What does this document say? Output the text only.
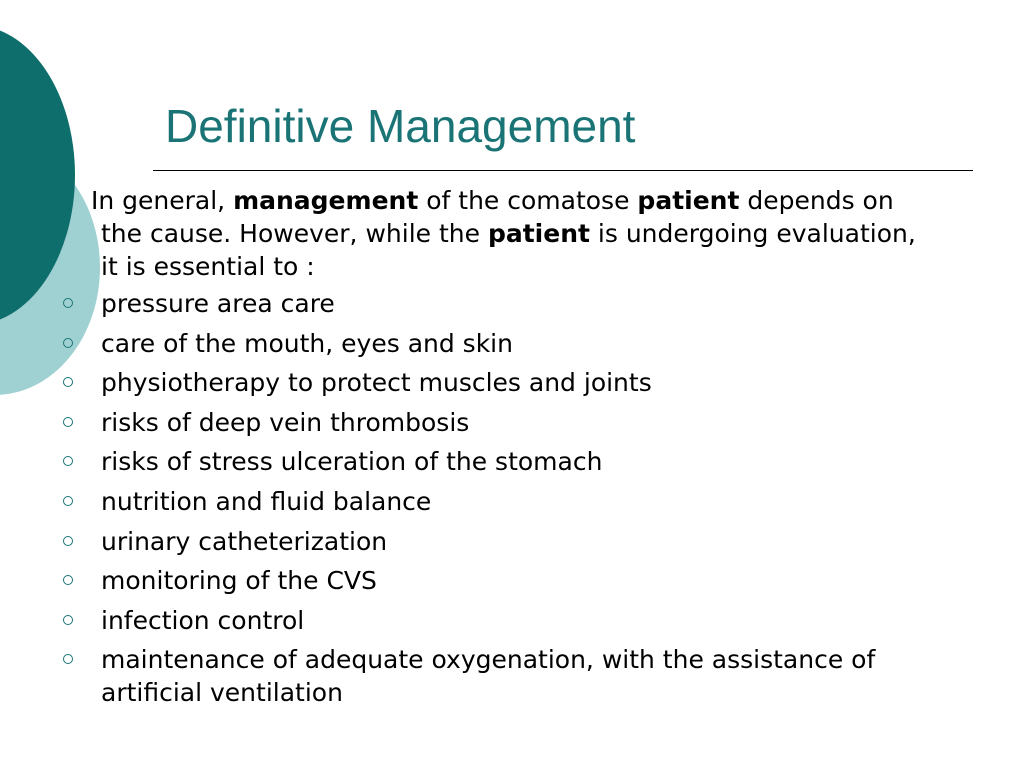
Definitive Management

In general, management of the comatose patient depends on the cause. However, while the patient is undergoing evaluation, it is essential to :

pressure area care
care of the mouth, eyes and skin
physiotherapy to protect muscles and joints
risks of deep vein thrombosis
risks of stress ulceration of the stomach
nutrition and fluid balance
urinary catheterization
monitoring of the CVS
infection control
maintenance of adequate oxygenation, with the assistance of artificial ventilation
